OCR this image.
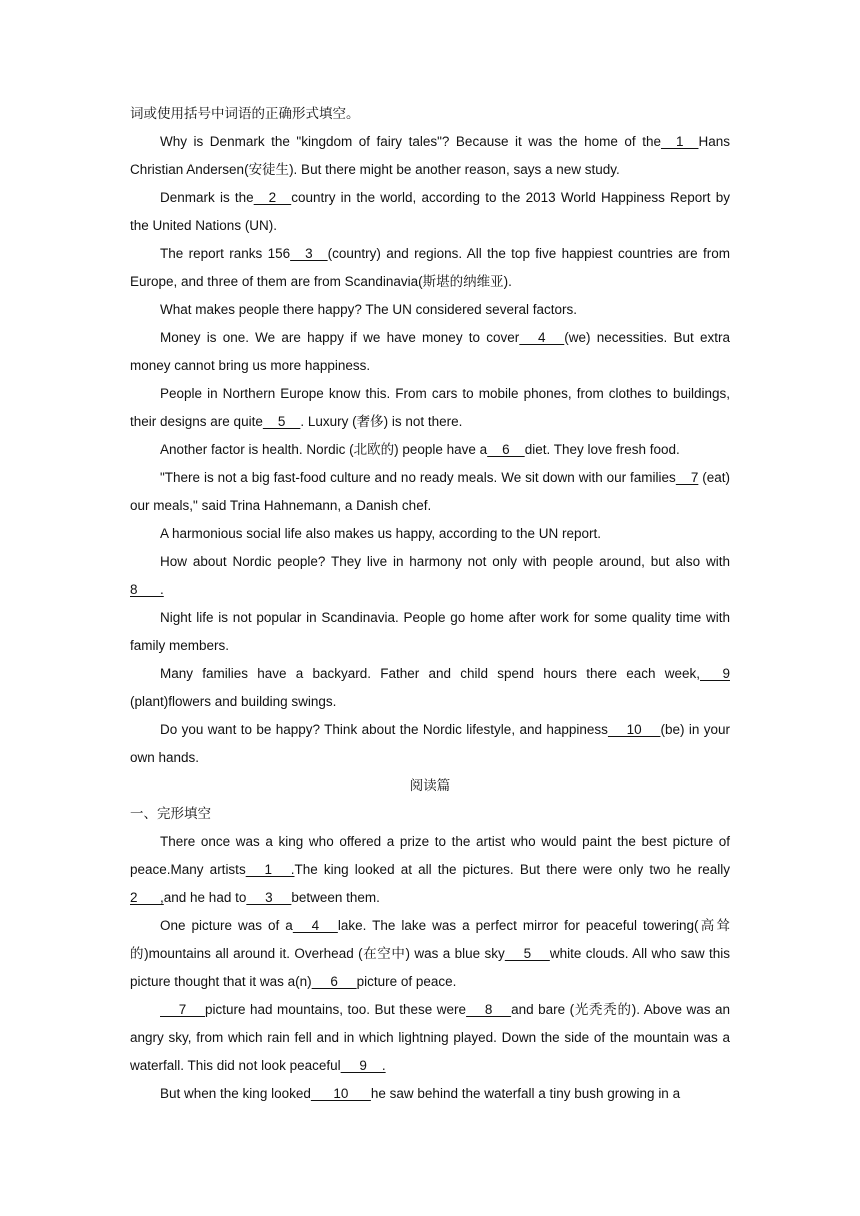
词或使用括号中词语的正确形式填空。

Why is Denmark the "kingdom of fairy tales"? Because it was the home of the    1    Hans Christian Andersen(安徒生). But there might be another reason, says a new study.

Denmark is the    2    country in the world, according to the 2013 World Happiness Report by the United Nations (UN).

The report ranks 156    3    (country) and regions. All the top five happiest countries are from Europe, and three of them are from Scandinavia(斯堪的纳维亚).

What makes people there happy? The UN considered several factors.

Money is one. We are happy if we have money to cover     4     (we) necessities. But extra money cannot bring us more happiness.

People in Northern Europe know this. From cars to mobile phones, from clothes to buildings, their designs are quite    5    . Luxury (奢侈) is not there.

Another factor is health. Nordic (北欧的) people have a    6    diet. They love fresh food.

"There is not a big fast-food culture and no ready meals. We sit down with our families    7 (eat) our meals," said Trina Hahnemann, a Danish chef.

A harmonious social life also makes us happy, according to the UN report.

How about Nordic people? They live in harmony not only with people around, but also with 8      .

Night life is not popular in Scandinavia. People go home after work for some quality time with family members.

Many families have a backyard. Father and child spend hours there each week,      9 (plant)flowers and building swings.

Do you want to be happy? Think about the Nordic lifestyle, and happiness     10     (be) in your own hands.

阅读篇

一、完形填空

There once was a king who offered a prize to the artist who would paint the best picture of peace.Many artists     1     .The king looked at all the pictures. But there were only two he really 2      ,and he had to     3     between them.

One picture was of a     4     lake. The lake was a perfect mirror for peaceful towering(高耸的)mountains all around it. Overhead (在空中) was a blue sky     5     white clouds. All who saw this picture thought that it was a(n)     6     picture of peace.

7     picture had mountains, too. But these were     8     and bare (光秃秃的). Above was an angry sky, from which rain fell and in which lightning played. Down the side of the mountain was a waterfall. This did not look peaceful     9    .

But when the king looked      10      he saw behind the waterfall a tiny bush growing in a
